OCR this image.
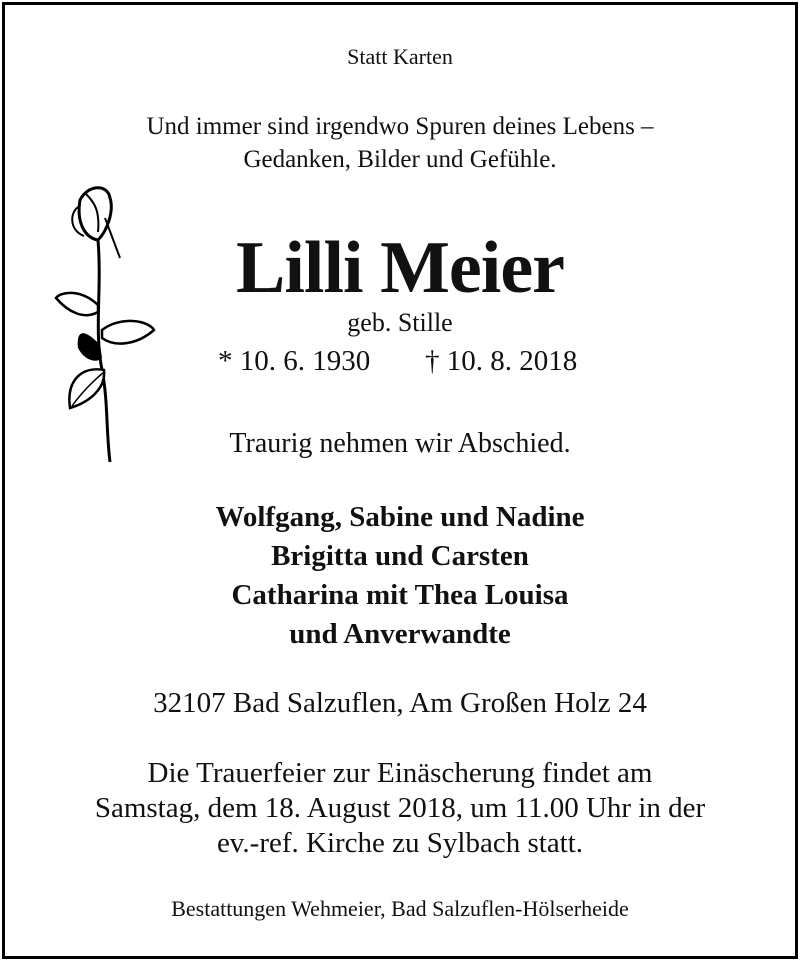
Statt Karten

Und immer sind irgendwo Spuren deines Lebens –
Gedanken, Bilder und Gefühle.
Lilli Meier

geb. Stille

* 10. 6. 1930 † 10. 8. 2018

Traurig nehmen wir Abschied.

Wolfgang, Sabine und Nadine
Brigitta und Carsten
Catharina mit Thea Louisa
und Anverwandte

32107 Bad Salzuflen, Am Großen Holz 24

Die Trauerfeier zur Einäscherung findet am
Samstag, dem 18. August 2018, um 11.00 Uhr in der
ev.-ref. Kirche zu Sylbach statt.

Bestattungen Wehmeier, Bad Salzuflen-Hölserheide
